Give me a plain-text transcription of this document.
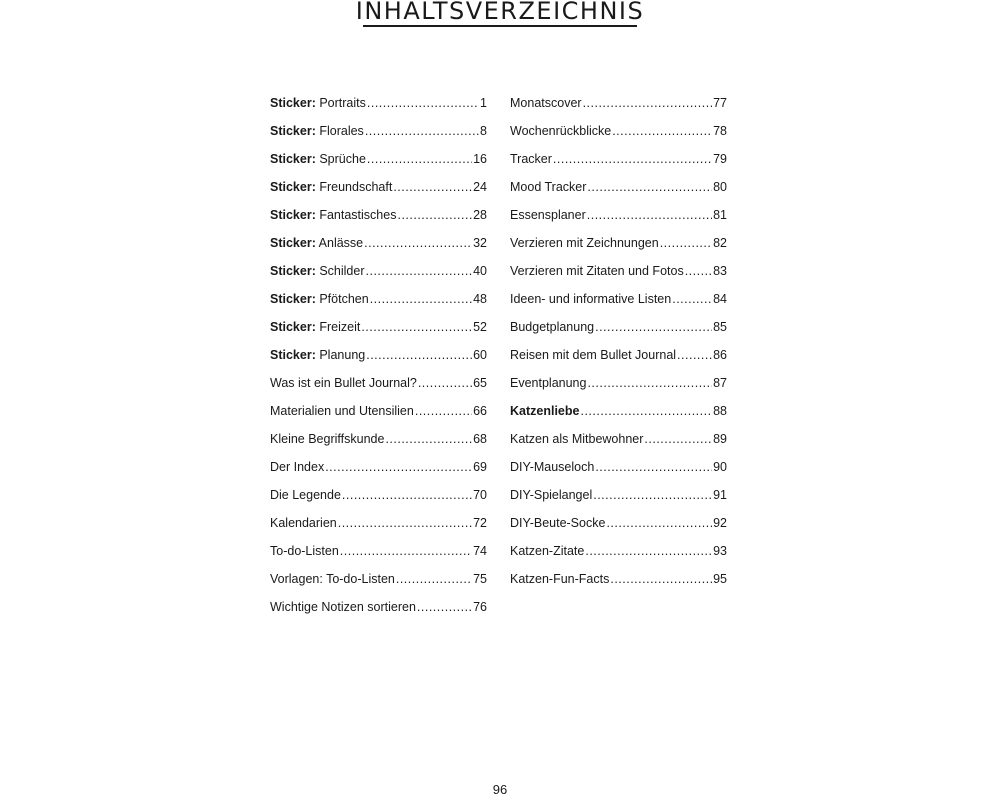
INHALTSVERZEICHNIS
Sticker: Portraits .....	1
Sticker: Florales .....	8
Sticker: Sprüche .....	16
Sticker: Freundschaft .....	24
Sticker: Fantastisches .....	28
Sticker: Anlässe .....	32
Sticker: Schilder .....	40
Sticker: Pfötchen .....	48
Sticker: Freizeit .....	52
Sticker: Planung .....	60
Was ist ein Bullet Journal? .....	65
Materialien und Utensilien .....	66
Kleine Begriffskunde .....	68
Der Index .....	69
Die Legende .....	70
Kalendarien .....	72
To-do-Listen .....	74
Vorlagen: To-do-Listen .....	75
Wichtige Notizen sortieren .....	76
Monatscover .....	77
Wochenrückblicke .....	78
Tracker .....	79
Mood Tracker .....	80
Essensplaner .....	81
Verzieren mit Zeichnungen .....	82
Verzieren mit Zitaten und Fotos ..... 83
Ideen- und informative Listen .....	84
Budgetplanung .....	85
Reisen mit dem Bullet Journal .....	86
Eventplanung .....	87
Katzenliebe .....	88
Katzen als Mitbewohner .....	89
DIY-Mauseloch .....	90
DIY-Spielangel .....	91
DIY-Beute-Socke .....	92
Katzen-Zitate .....	93
Katzen-Fun-Facts .....	95
96
